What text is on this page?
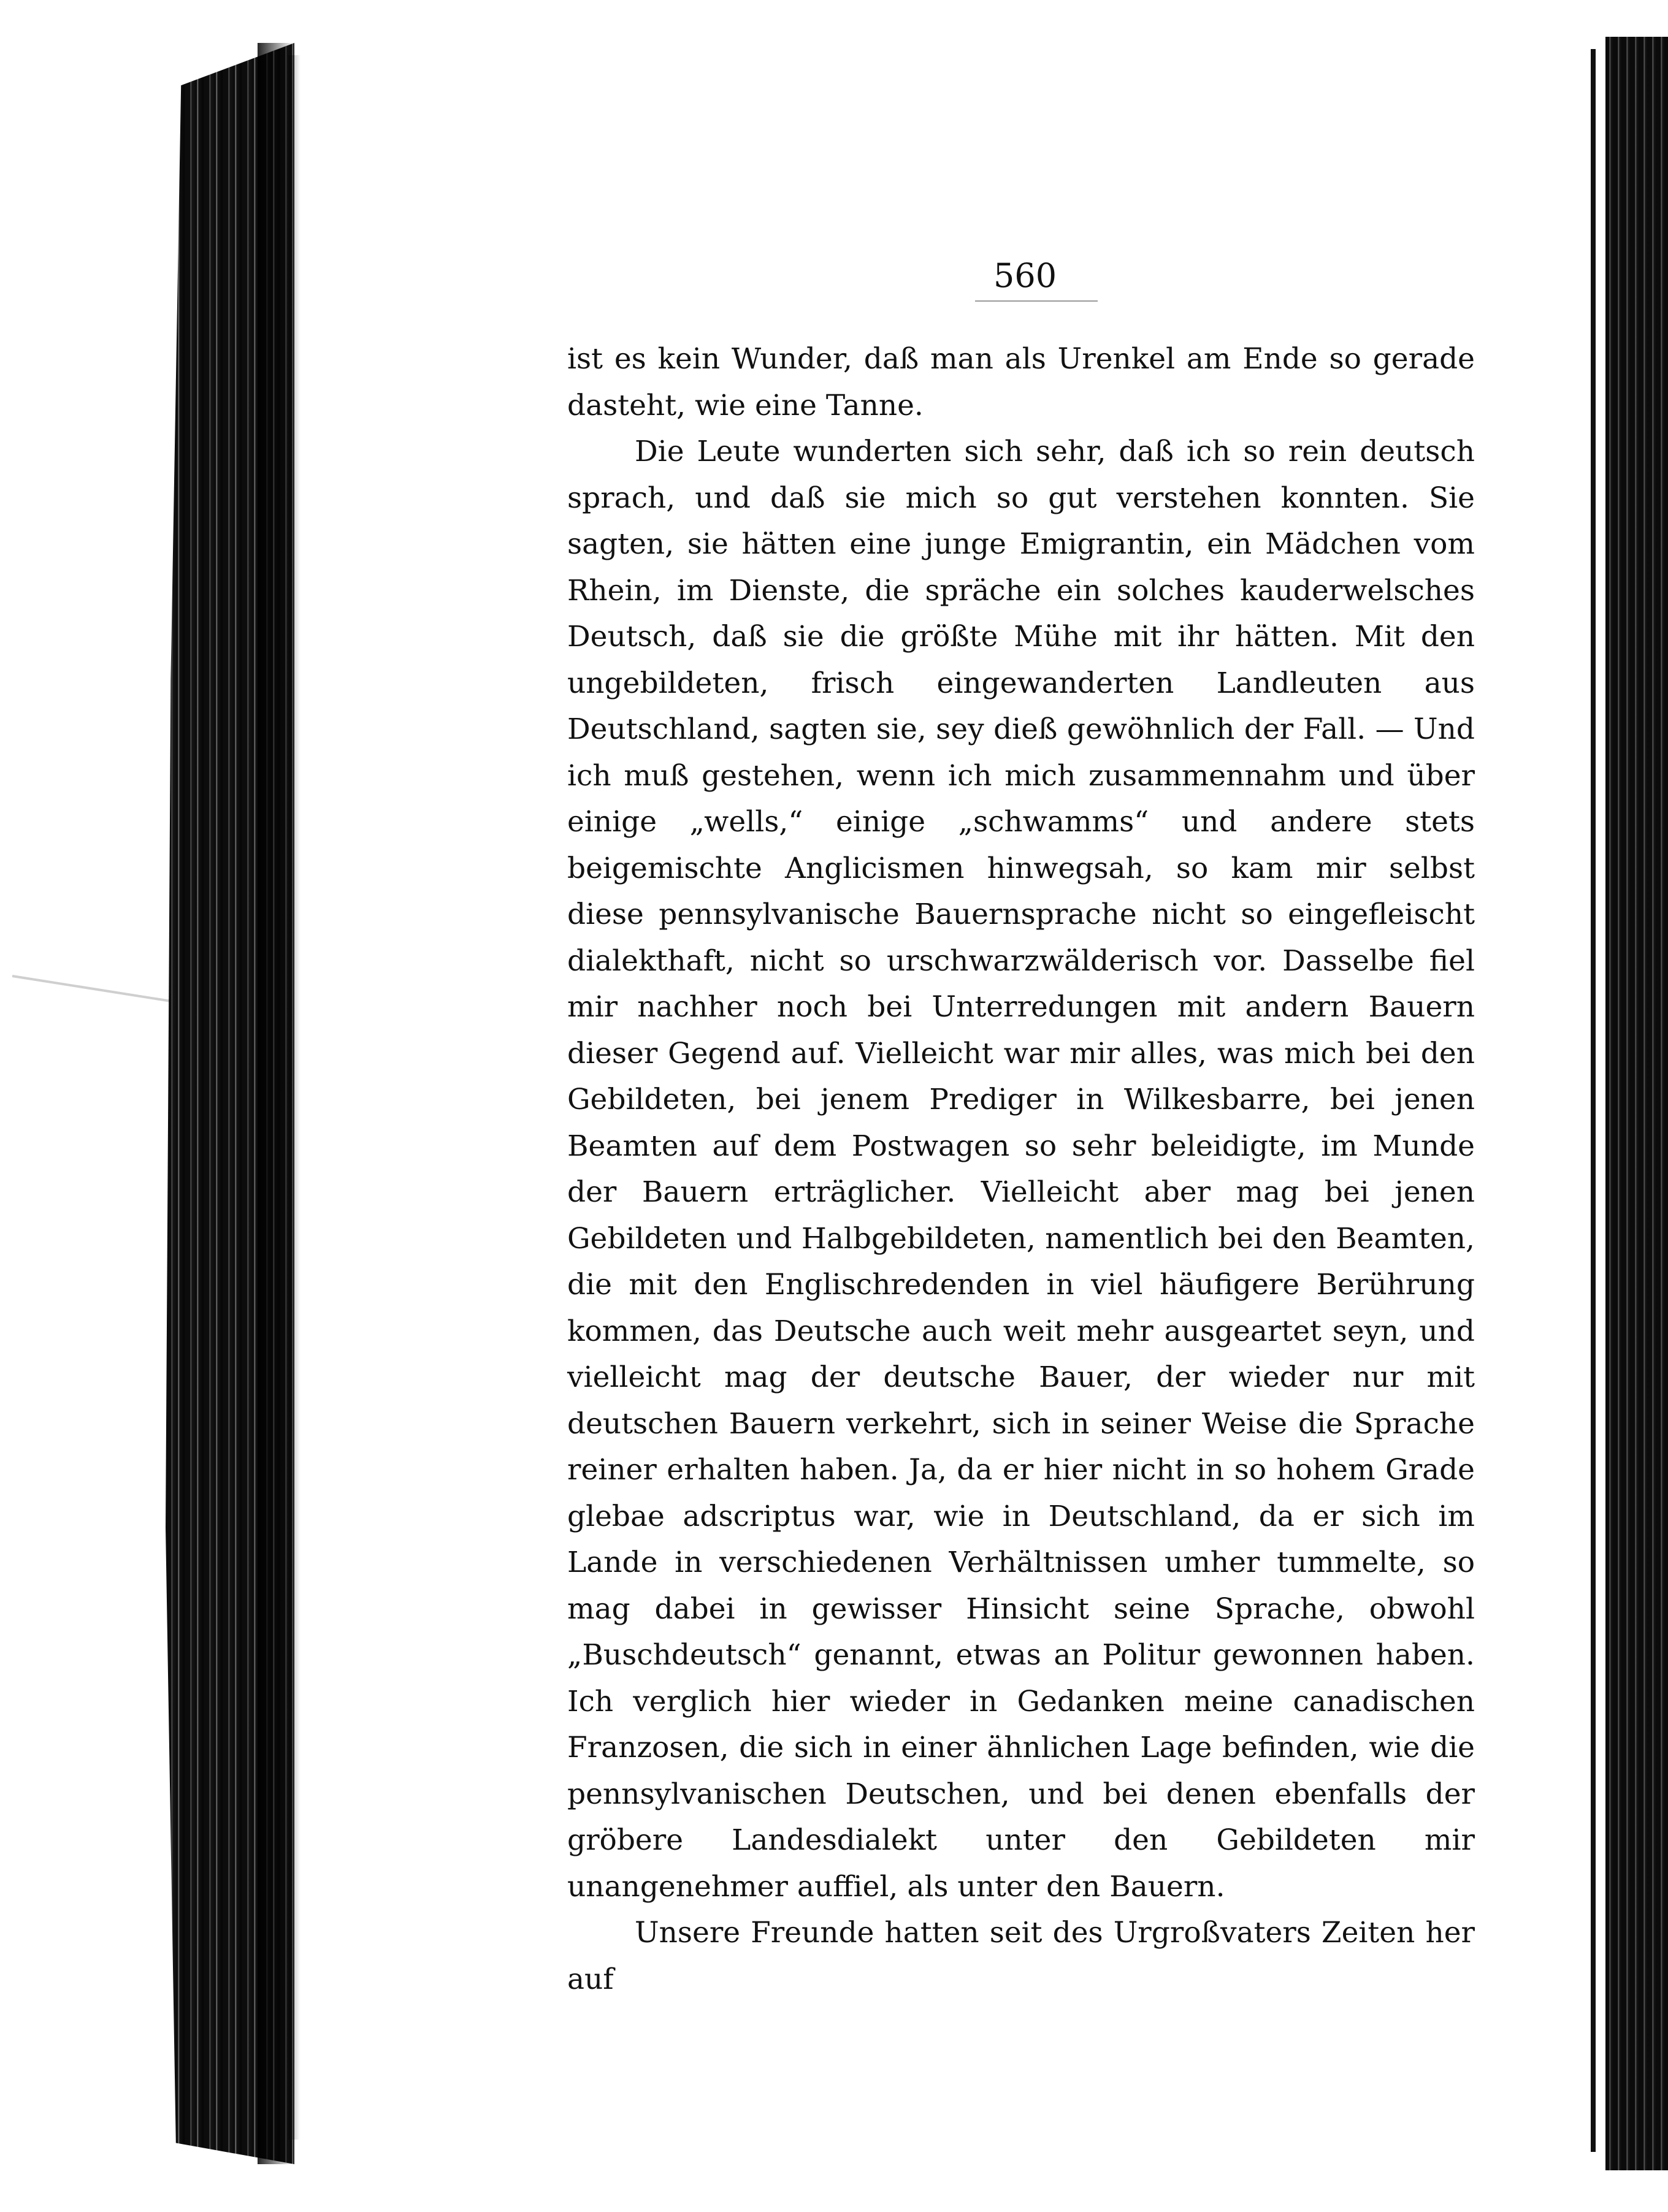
560

ist es kein Wunder, daß man als Urenkel am Ende so gerade dasteht, wie eine Tanne.

Die Leute wunderten sich sehr, daß ich so rein deutsch sprach, und daß sie mich so gut verstehen konnten. Sie sagten, sie hätten eine junge Emigrantin, ein Mädchen vom Rhein, im Dienste, die spräche ein solches kauderwelsches Deutsch, daß sie die größte Mühe mit ihr hätten. Mit den ungebildeten, frisch eingewanderten Landleuten aus Deutschland, sagten sie, sey dieß gewöhnlich der Fall. — Und ich muß gestehen, wenn ich mich zusammennahm und über einige „wells,“ einige „schwamms“ und andere stets beigemischte Anglicismen hinwegsah, so kam mir selbst diese pennsylvanische Bauernsprache nicht so eingefleischt dialekthaft, nicht so urschwarzwälderisch vor. Dasselbe fiel mir nachher noch bei Unterredungen mit andern Bauern dieser Gegend auf. Vielleicht war mir alles, was mich bei den Gebildeten, bei jenem Prediger in Wilkesbarre, bei jenen Beamten auf dem Postwagen so sehr beleidigte, im Munde der Bauern erträglicher. Vielleicht aber mag bei jenen Gebildeten und Halbgebildeten, namentlich bei den Beamten, die mit den Englischredenden in viel häufigere Berührung kommen, das Deutsche auch weit mehr ausgeartet seyn, und vielleicht mag der deutsche Bauer, der wieder nur mit deutschen Bauern verkehrt, sich in seiner Weise die Sprache reiner erhalten haben. Ja, da er hier nicht in so hohem Grade glebae adscriptus war, wie in Deutschland, da er sich im Lande in verschiedenen Verhältnissen umher tummelte, so mag dabei in gewisser Hinsicht seine Sprache, obwohl „Buschdeutsch“ genannt, etwas an Politur gewonnen haben. Ich verglich hier wieder in Gedanken meine canadischen Franzosen, die sich in einer ähnlichen Lage befinden, wie die pennsylvanischen Deutschen, und bei denen ebenfalls der gröbere Landesdialekt unter den Gebildeten mir unangenehmer auffiel, als unter den Bauern.

Unsere Freunde hatten seit des Urgroßvaters Zeiten her auf
